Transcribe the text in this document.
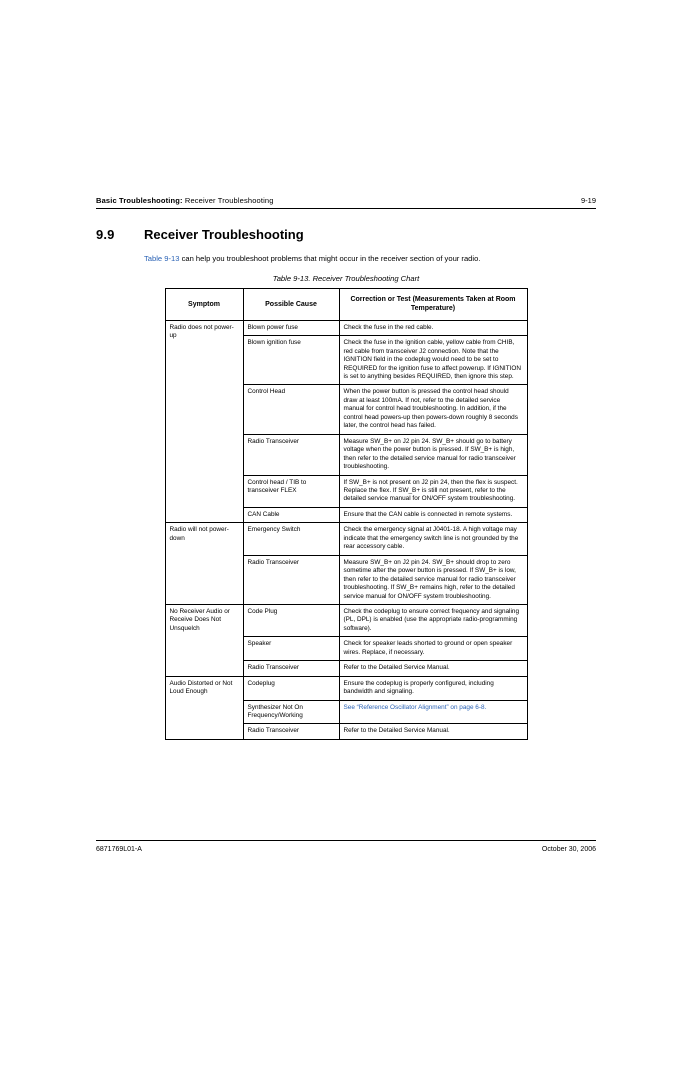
Basic Troubleshooting: Receiver Troubleshooting	9-19
9.9	Receiver Troubleshooting
Table 9-13 can help you troubleshoot problems that might occur in the receiver section of your radio.
Table 9-13. Receiver Troubleshooting Chart
Symptom	Possible Cause	Correction or Test (Measurements Taken at Room Temperature)
Radio does not power-up	Blown power fuse	Check the fuse in the red cable.
	Blown ignition fuse	Check the fuse in the ignition cable, yellow cable from CHIB, red cable from transceiver J2 connection. Note that the IGNITION field in the codeplug would need to be set to REQUIRED for the ignition fuse to affect powerup. If IGNITION is set to anything besides REQUIRED, then ignore this step.
	Control Head	When the power button is pressed the control head should draw at least 100mA. If not, refer to the detailed service manual for control head troubleshooting. In addition, if the control head powers-up then powers-down roughly 8 seconds later, the control head has failed.
	Radio Transceiver	Measure SW_B+ on J2 pin 24. SW_B+ should go to battery voltage when the power button is pressed. If SW_B+ is high, then refer to the detailed service manual for radio transceiver troubleshooting.
	Control head / TIB to transceiver FLEX	If SW_B+ is not present on J2 pin 24, then the flex is suspect. Replace the flex. If SW_B+ is still not present, refer to the detailed service manual for ON/OFF system troubleshooting.
	CAN Cable	Ensure that the CAN cable is connected in remote systems.
Radio will not power-down	Emergency Switch	Check the emergency signal at J0401-18. A high voltage may indicate that the emergency switch line is not grounded by the rear accessory cable.
	Radio Transceiver	Measure SW_B+ on J2 pin 24. SW_B+ should drop to zero sometime after the power button is pressed. If SW_B+ is low, then refer to the detailed service manual for radio transceiver troubleshooting. If SW_B+ remains high, refer to the detailed service manual for ON/OFF system troubleshooting.
No Receiver Audio or Receive Does Not Unsquelch	Code Plug	Check the codeplug to ensure correct frequency and signaling (PL, DPL) is enabled (use the appropriate radio-programming software).
	Speaker	Check for speaker leads shorted to ground or open speaker wires. Replace, if necessary.
	Radio Transceiver	Refer to the Detailed Service Manual.
Audio Distorted or Not Loud Enough	Codeplug	Ensure the codeplug is properly configured, including bandwidth and signaling.
	Synthesizer Not On Frequency/Working	See “Reference Oscillator Alignment” on page 6-8.
	Radio Transceiver	Refer to the Detailed Service Manual.
6871769L01-A	October 30, 2006
